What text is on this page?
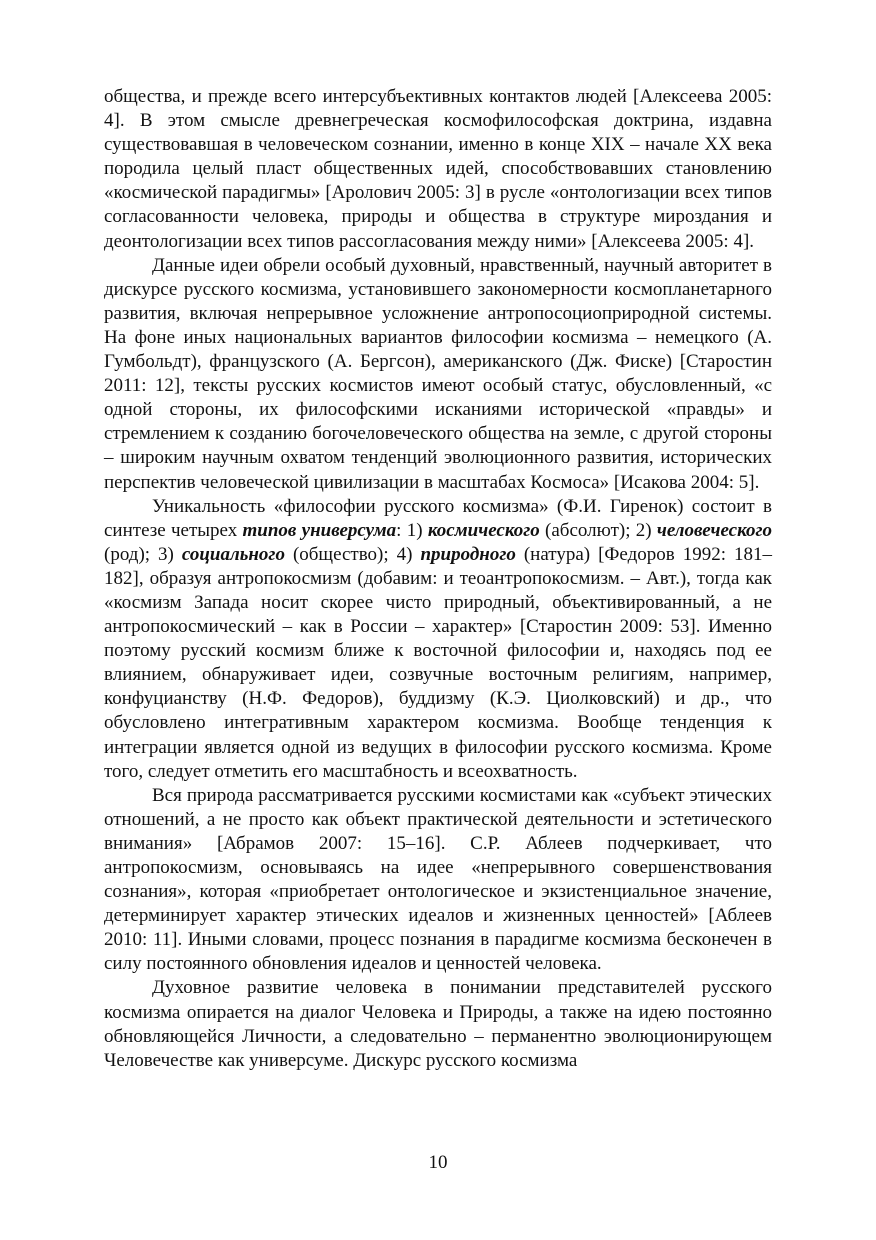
общества, и прежде всего интерсубъективных контактов людей [Алексеева 2005: 4]. В этом смысле древнегреческая космофилософская доктрина, издавна существовавшая в человеческом сознании, именно в конце XIX – начале XX века породила целый пласт общественных идей, способствовавших становлению «космической парадигмы» [Аролович 2005: 3] в русле «онтологизации всех типов согласованности человека, природы и общества в структуре мироздания и деонтологизации всех типов рассогласования между ними» [Алексеева 2005: 4].

Данные идеи обрели особый духовный, нравственный, научный авторитет в дискурсе русского космизма, установившего закономерности космопланетарного развития, включая непрерывное усложнение антропосоциоприродной системы. На фоне иных национальных вариантов философии космизма – немецкого (А. Гумбольдт), французского (А. Бергсон), американского (Дж. Фиске) [Старостин 2011: 12], тексты русских космистов имеют особый статус, обусловленный, «с одной стороны, их философскими исканиями исторической «правды» и стремлением к созданию богочеловеческого общества на земле, с другой стороны – широким научным охватом тенденций эволюционного развития, исторических перспектив человеческой цивилизации в масштабах Космоса» [Исакова 2004: 5].

Уникальность «философии русского космизма» (Ф.И. Гиренок) состоит в синтезе четырех типов универсума: 1) космического (абсолют); 2) человеческого (род); 3) социального (общество); 4) природного (натура) [Федоров 1992: 181–182], образуя антропокосмизм (добавим: и теоантропокосмизм. – Авт.), тогда как «космизм Запада носит скорее чисто природный, объективированный, а не антропокосмический – как в России – характер» [Старостин 2009: 53]. Именно поэтому русский космизм ближе к восточной философии и, находясь под ее влиянием, обнаруживает идеи, созвучные восточным религиям, например, конфуцианству (Н.Ф. Федоров), буддизму (К.Э. Циолковский) и др., что обусловлено интегративным характером космизма. Вообще тенденция к интеграции является одной из ведущих в философии русского космизма. Кроме того, следует отметить его масштабность и всеохватность.

Вся природа рассматривается русскими космистами как «субъект этических отношений, а не просто как объект практической деятельности и эстетического внимания» [Абрамов 2007: 15–16]. С.Р. Аблеев подчеркивает, что антропокосмизм, основываясь на идее «непрерывного совершенствования сознания», которая «приобретает онтологическое и экзистенциальное значение, детерминирует характер этических идеалов и жизненных ценностей» [Аблеев 2010: 11]. Иными словами, процесс познания в парадигме космизма бесконечен в силу постоянного обновления идеалов и ценностей человека.

Духовное развитие человека в понимании представителей русского космизма опирается на диалог Человека и Природы, а также на идею постоянно обновляющейся Личности, а следовательно – перманентно эволюционирующем Человечестве как универсуме. Дискурс русского космизма

10
